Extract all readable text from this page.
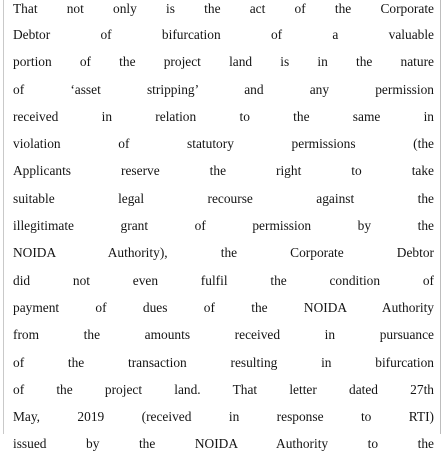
That not only is the act of the Corporate
Debtor of bifurcation of a valuable
portion of the project land is in the nature
of ‘asset stripping’ and any permission
received in relation to the same in
violation of statutory permissions (the
Applicants reserve the right to take
suitable legal recourse against the
illegitimate grant of permission by the
NOIDA Authority), the Corporate Debtor
did not even fulfil the condition of
payment of dues of the NOIDA Authority
from the amounts received in pursuance
of the transaction resulting in bifurcation
of the project land. That letter dated 27th
May, 2019 (received in response to RTI)
issued by the NOIDA Authority to the
